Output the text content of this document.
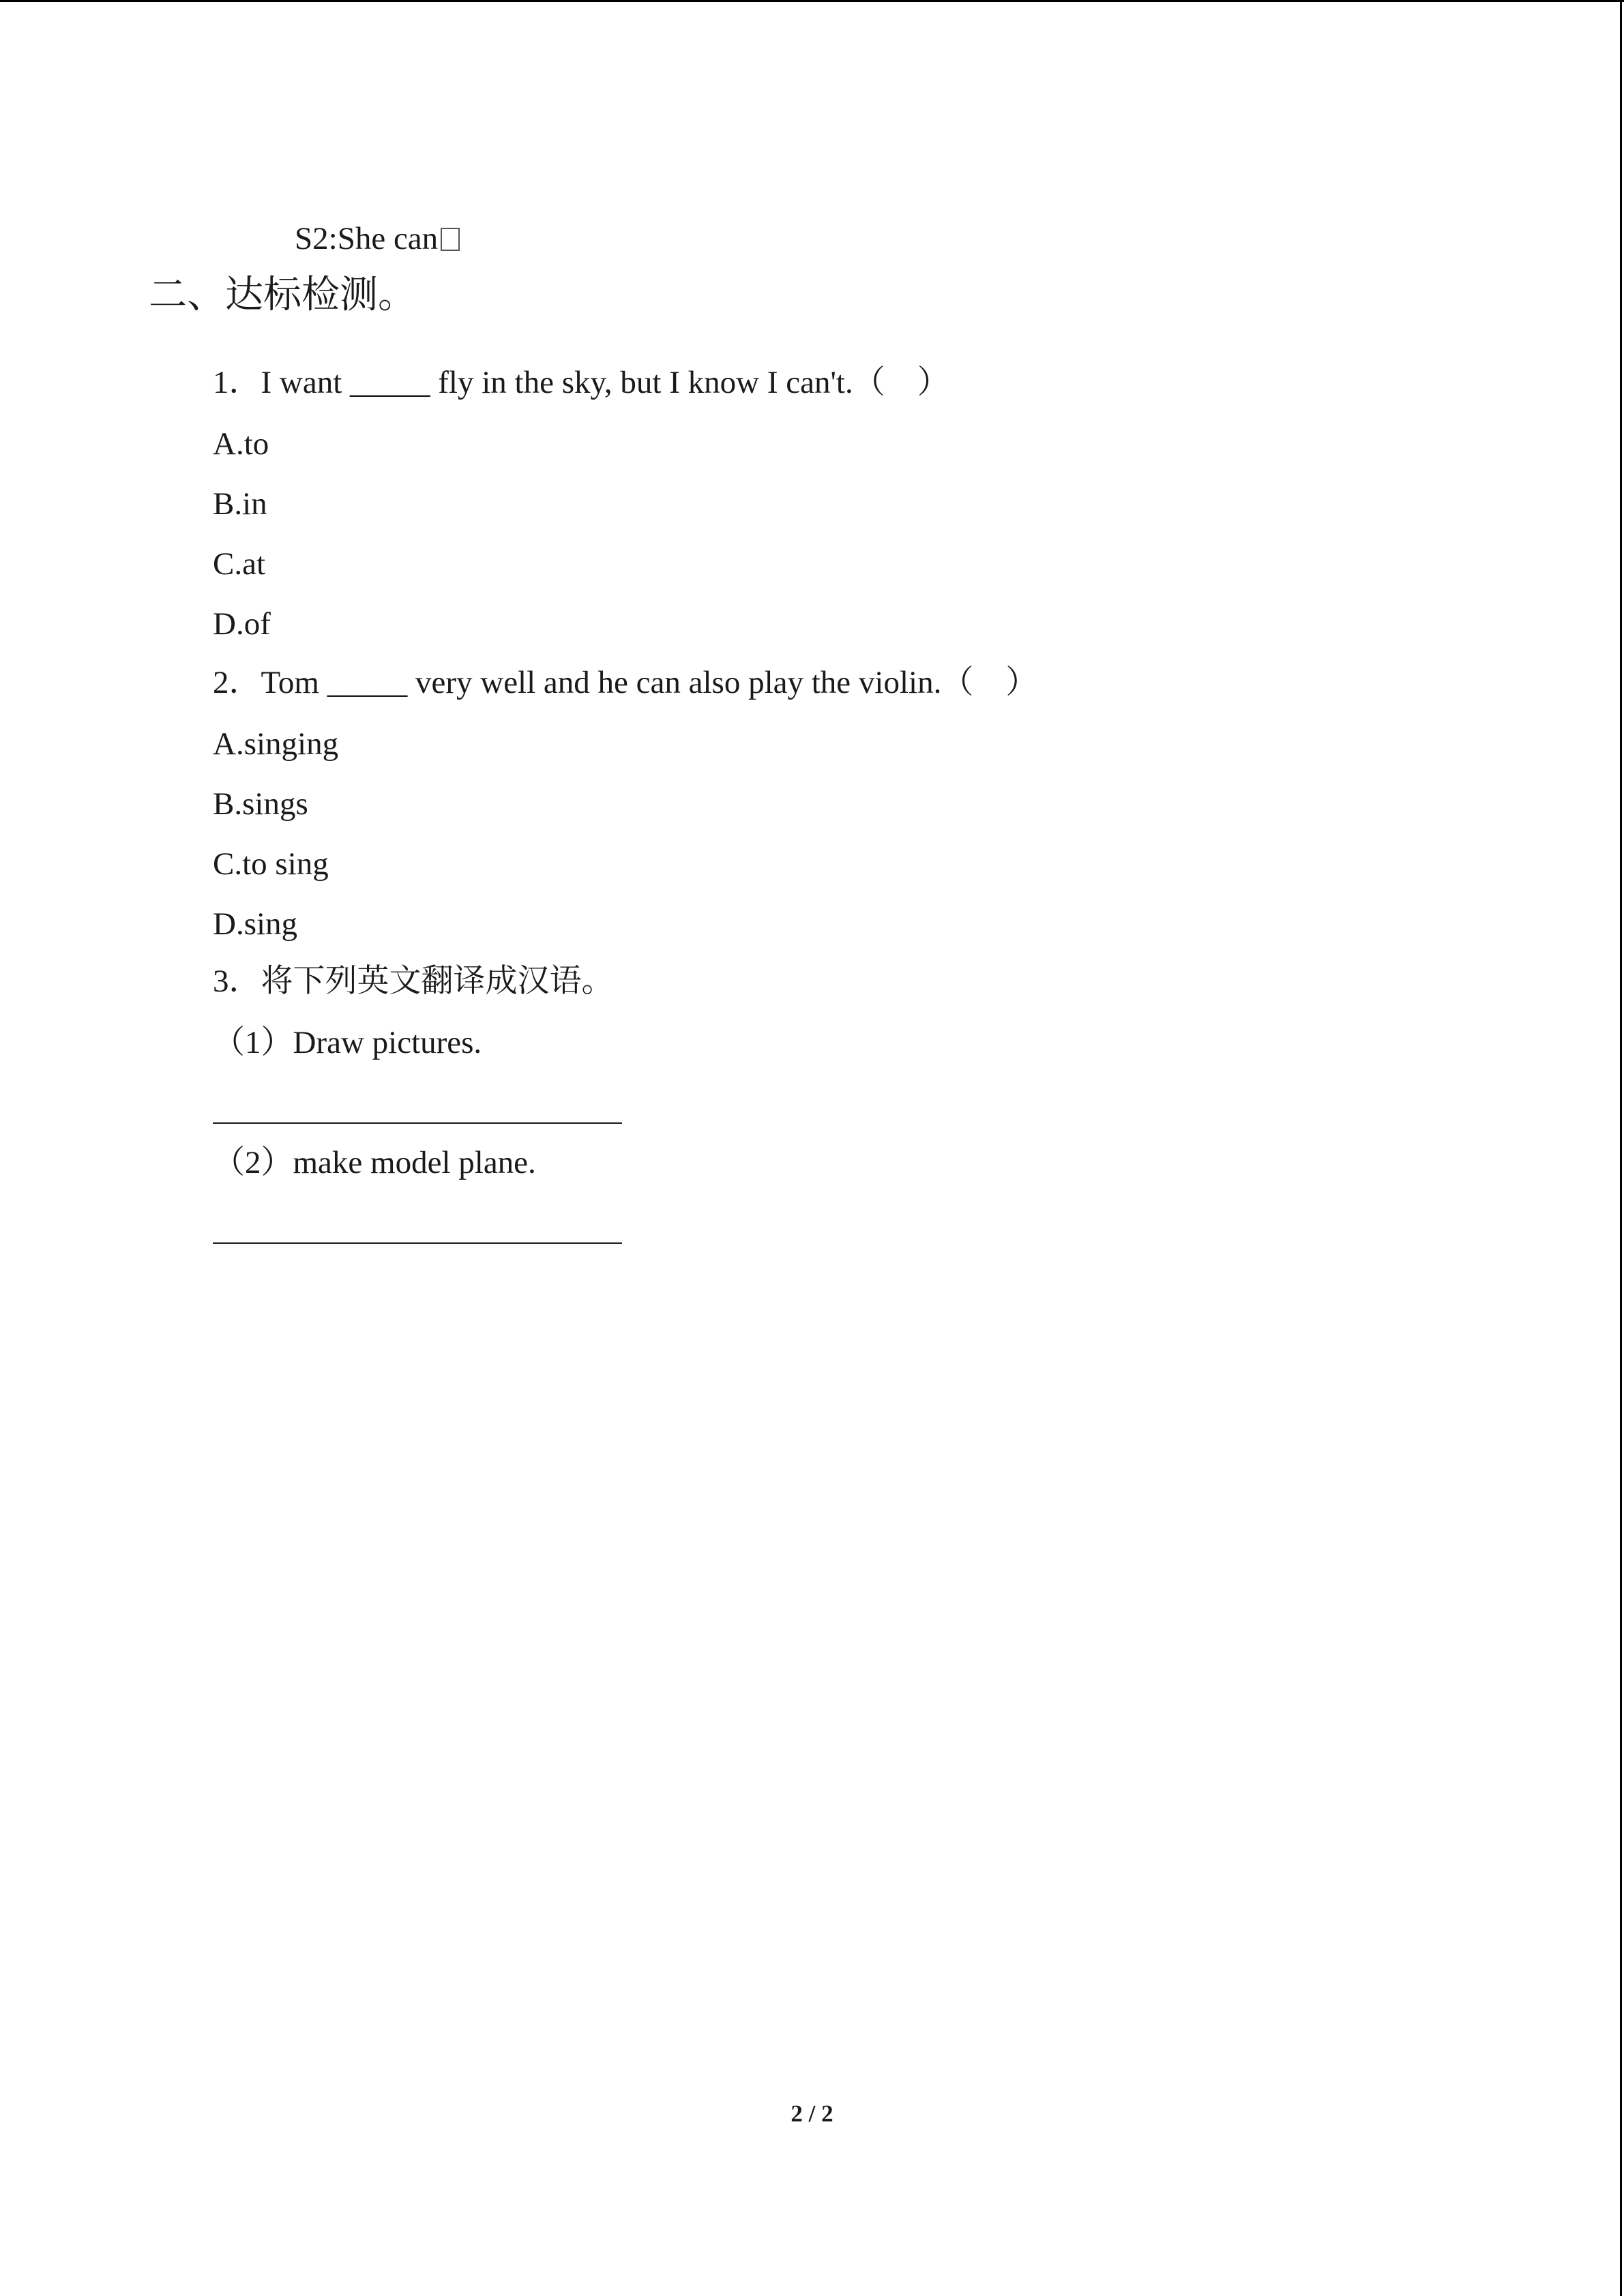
S2:She can
二、达标检测。
1．I want _____ fly in the sky, but I know I can't.（　）
A.to
B.in
C.at
D.of
2．Tom _____ very well and he can also play the violin.（　）
A.singing
B.sings
C.to sing
D.sing
3．将下列英文翻译成汉语。
（1）Draw pictures.
（2）make model plane.
2 / 2
